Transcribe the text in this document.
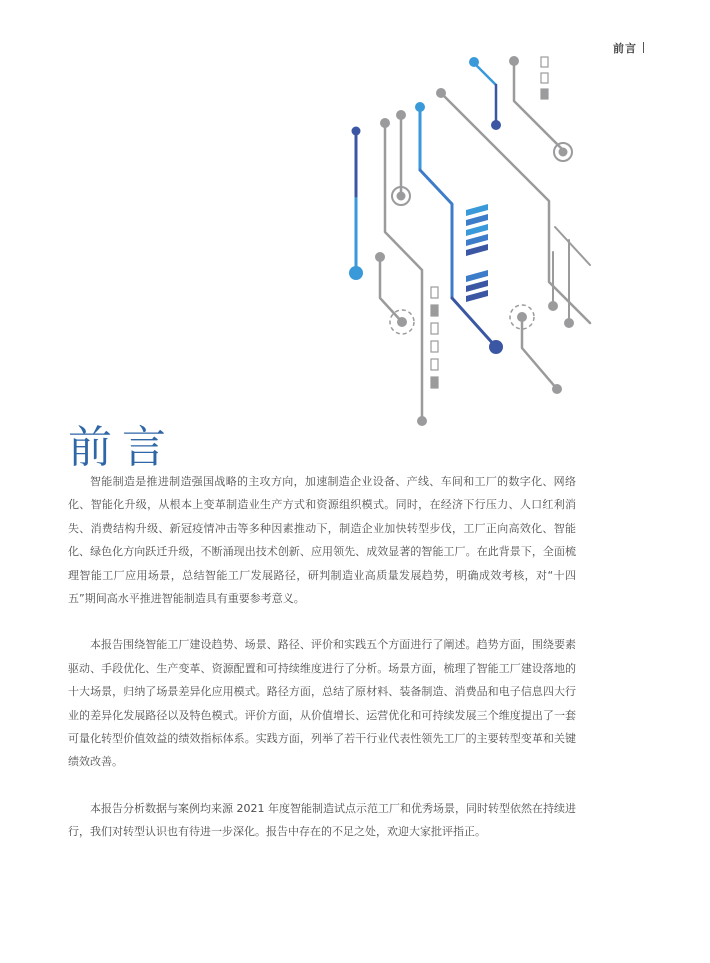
前言
前言

智能制造是推进制造强国战略的主攻方向，加速制造企业设备、产线、车间和工厂的数字化、网络化、智能化升级，从根本上变革制造业生产方式和资源组织模式。同时，在经济下行压力、人口红利消失、消费结构升级、新冠疫情冲击等多种因素推动下，制造企业加快转型步伐，工厂正向高效化、智能化、绿色化方向跃迁升级，不断涌现出技术创新、应用领先、成效显著的智能工厂。在此背景下，全面梳理智能工厂应用场景，总结智能工厂发展路径，研判制造业高质量发展趋势，明确成效考核，对“十四五”期间高水平推进智能制造具有重要参考意义。

本报告围绕智能工厂建设趋势、场景、路径、评价和实践五个方面进行了阐述。趋势方面，围绕要素驱动、手段优化、生产变革、资源配置和可持续维度进行了分析。场景方面，梳理了智能工厂建设落地的十大场景，归纳了场景差异化应用模式。路径方面，总结了原材料、装备制造、消费品和电子信息四大行业的差异化发展路径以及特色模式。评价方面，从价值增长、运营优化和可持续发展三个维度提出了一套可量化转型价值效益的绩效指标体系。实践方面，列举了若干行业代表性领先工厂的主要转型变革和关键绩效改善。

本报告分析数据与案例均来源 2021 年度智能制造试点示范工厂和优秀场景，同时转型依然在持续进行，我们对转型认识也有待进一步深化。报告中存在的不足之处，欢迎大家批评指正。
